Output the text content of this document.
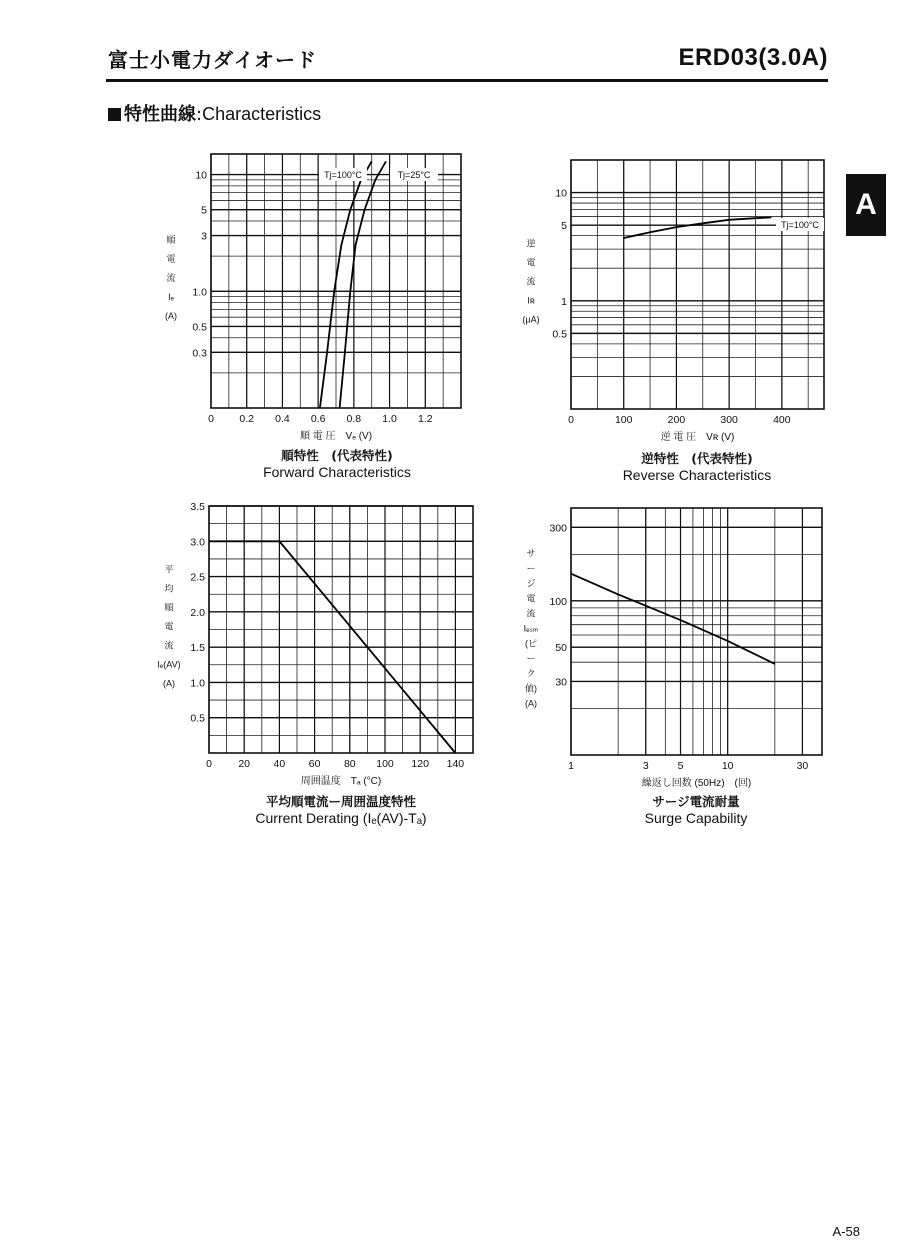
富士小電力ダイオード	ERD03(3.0A)
特性曲線:Characteristics
A
0 0.2 0.4 0.6 0.8 1.0 1.2
10
5
3
1.0
0.5
0.3
順 電 圧　Vₑ (V)
順
電
流
Iₑ
(A)
Tj=100°C	Tj=25°C
0	100	200	300	400
10
5
1
0.5
逆 電 圧　Vʀ (V)
逆
電
流
Iʀ
(μA)
Tj=100°C
0	20 40 60 80 100 120 140
3.5
3.0
2.5
2.0
1.5
1.0
0.5
周囲温度　Tₐ (°C)
平
均
順
電
流
Iₑ(AV)
(A)
1	3	5	10	30
300
100
50
30
繰返し回数 (50Hz)　(回)
サ
ー
ジ
電
流
Iₑₛₘ
(ピ
ー
ク
値)
(A)
順特性　(代表特性)
Forward Characteristics
逆特性　(代表特性)
Reverse Characteristics
平均順電流ー周囲温度特性
Current Derating (Iₑ(AV)-Tₐ)
サージ電流耐量
Surge Capability
A-58
